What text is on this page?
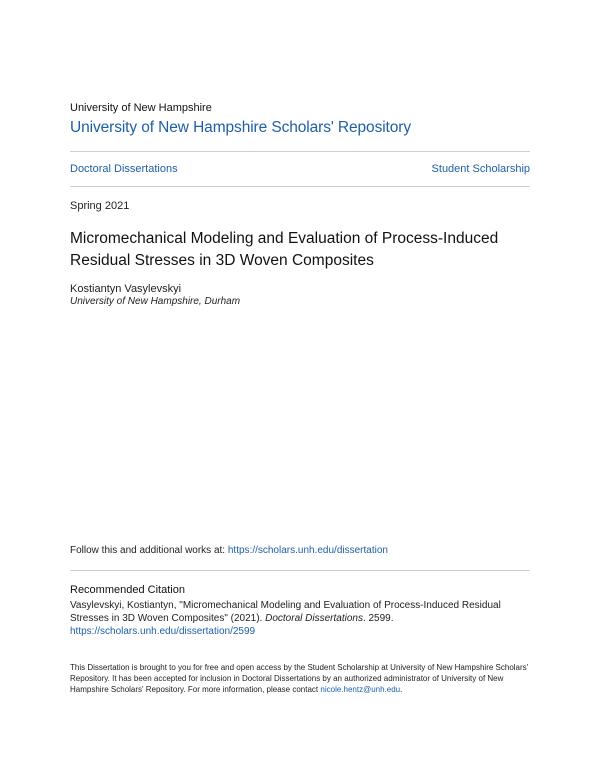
University of New Hampshire
University of New Hampshire Scholars' Repository
Doctoral Dissertations	Student Scholarship
Spring 2021
Micromechanical Modeling and Evaluation of Process-Induced
Residual Stresses in 3D Woven Composites
Kostiantyn Vasylevskyi
University of New Hampshire, Durham
Follow this and additional works at: https://scholars.unh.edu/dissertation
Recommended Citation
Vasylevskyi, Kostiantyn, "Micromechanical Modeling and Evaluation of Process-Induced Residual
Stresses in 3D Woven Composites" (2021). Doctoral Dissertations. 2599.
https://scholars.unh.edu/dissertation/2599
This Dissertation is brought to you for free and open access by the Student Scholarship at University of New Hampshire Scholars' Repository. It has been accepted for inclusion in Doctoral Dissertations by an authorized administrator of University of New Hampshire Scholars' Repository. For more information, please contact nicole.hentz@unh.edu.
